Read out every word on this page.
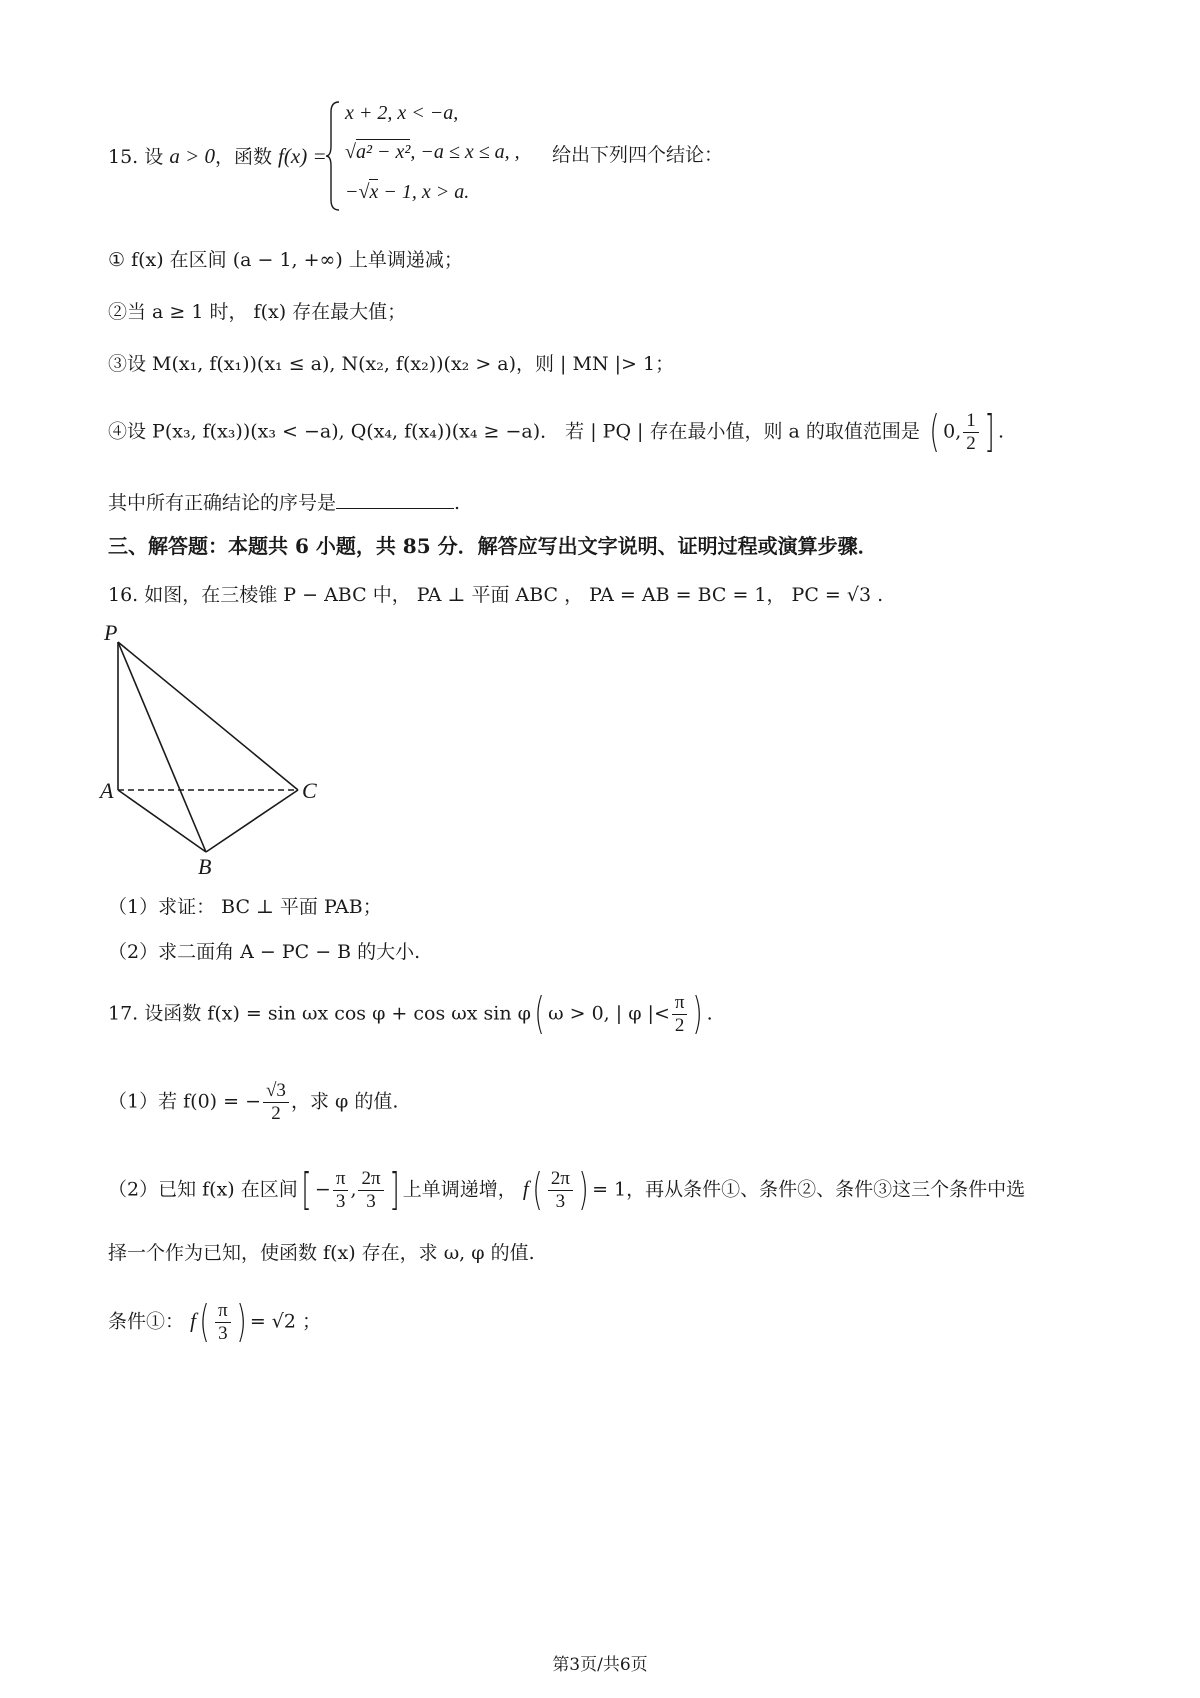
15. 设 a > 0，函数 f(x) =
x + 2, x < −a,
√a² − x², −a ≤ x ≤ a, ,
−√x − 1, x > a.
给出下列四个结论：
① f(x) 在区间 (a − 1, +∞) 上单调递减；
②当 a ≥ 1 时， f(x) 存在最大值；
③设 M(x₁, f(x₁))(x₁ ≤ a), N(x₂, f(x₂))(x₂ > a)，则 | MN |> 1；
④设 P(x₃, f(x₃))(x₃ < −a), Q(x₄, f(x₄))(x₄ ≥ −a)． 若 | PQ | 存在最小值，则 a 的取值范围是 ( 0, $\frac{1}{2}$ ] .
其中所有正确结论的序号是	.
三、解答题：本题共 6 小题，共 85 分．解答应写出文字说明、证明过程或演算步骤．
16. 如图，在三棱锥 P − ABC 中， PA ⊥ 平面 ABC ， PA = AB = BC = 1， PC = √3 .
P
A	C
B
（1）求证： BC ⊥ 平面 PAB；
（2）求二面角 A − PC − B 的大小.
17. 设函数 f(x) = sin ωx cos φ + cos ωx sin φ( ω > 0, | φ |< $\frac{\pi}{2}$ ) .
（1）若 f(0) = − $\frac{√3}{2}$ ，求 φ 的值.
（2）已知 f(x) 在区间[ − $\frac{\pi}{3}$ , $\frac{2\pi}{3}$ ] 上单调递增， $f( \frac{2\pi}{3}$ ) = 1，再从条件①、条件②、条件③这三个条件中选
择一个作为已知，使函数 f(x) 存在，求 ω, φ 的值.
条件①： $f( \frac{\pi}{3}$ ) = √2 ；
第3页/共6页
